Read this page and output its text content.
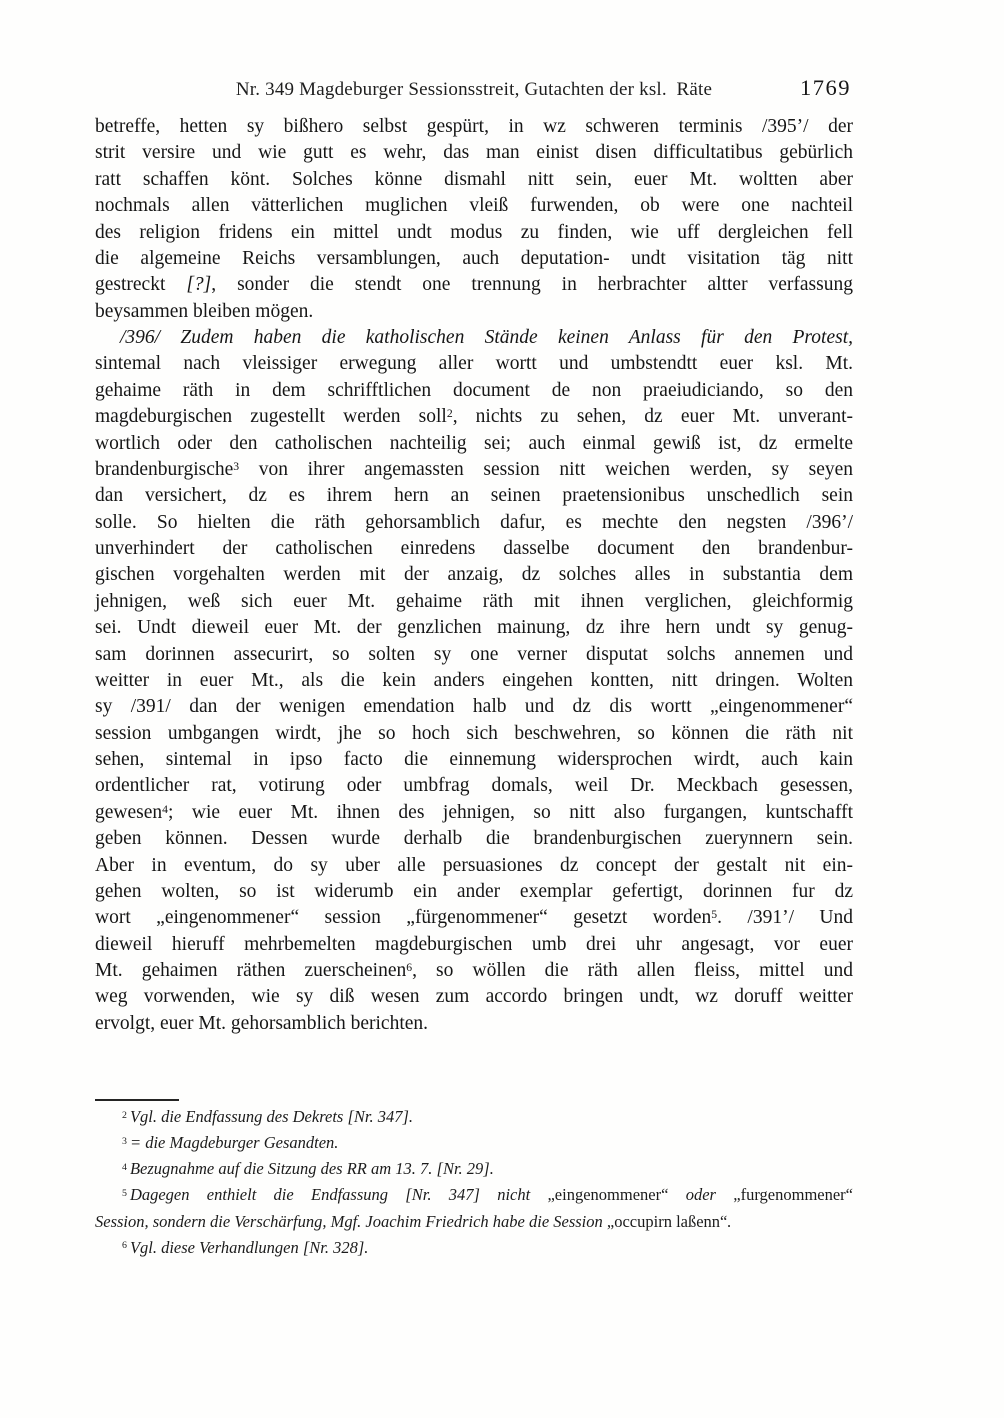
Nr. 349 Magdeburger Sessionsstreit, Gutachten der ksl. Räte	1769
betreffe, hetten sy bißhero selbst gespürt, in wz schweren terminis /395’/ der
strit versire und wie gutt es wehr, das man einist disen difficultatibus gebürlich
ratt schaffen könt. Solches könne dismahl nitt sein, euer Mt. woltten aber
nochmals allen vätterlichen muglichen vleiß furwenden, ob were one nachteil
des religion fridens ein mittel undt modus zu finden, wie uff dergleichen fell
die algemeine Reichs versamblungen, auch deputation- undt visitation täg nitt
gestreckt [?], sonder die stendt one trennung in herbrachter altter verfassung
beysammen bleiben mögen.
/396/ Zudem haben die katholischen Stände keinen Anlass für den Protest,
sintemal nach vleissiger erwegung aller wortt und umbstendtt euer ksl. Mt.
gehaime räth in dem schrifftlichen document de non praeiudiciando, so den
magdeburgischen zugestellt werden soll$^2$, nichts zu sehen, dz euer Mt. unverant-
wortlich oder den catholischen nachteilig sei; auch einmal gewiß ist, dz ermelte
brandenburgische$^3$ von ihrer angemassten session nitt weichen werden, sy seyen
dan versichert, dz es ihrem hern an seinen praetensionibus unschedlich sein
solle. So hielten die räth gehorsamblich dafur, es mechte den negsten /396’/
unverhindert der catholischen einredens dasselbe document den brandenbur-
gischen vorgehalten werden mit der anzaig, dz solches alles in substantia dem
jehnigen, weß sich euer Mt. gehaime räth mit ihnen verglichen, gleichformig
sei. Undt dieweil euer Mt. der genzlichen mainung, dz ihre hern undt sy genug-
sam dorinnen assecurirt, so solten sy one verner disputat solchs annemen und
weitter in euer Mt., als die kein anders eingehen kontten, nitt dringen. Wolten
sy /391/ dan der wenigen emendation halb und dz dis wortt „eingenommener“
session umbgangen wirdt, jhe so hoch sich beschwehren, so können die räth nit
sehen, sintemal in ipso facto die einnemung widersprochen wirdt, auch kain
ordentlicher rat, votirung oder umbfrag domals, weil Dr. Meckbach gesessen,
gewesen$^4$; wie euer Mt. ihnen des jehnigen, so nitt also furgangen, kuntschafft
geben können. Dessen wurde derhalb die brandenburgischen zuerynnern sein.
Aber in eventum, do sy uber alle persuasiones dz concept der gestalt nit ein-
gehen wolten, so ist widerumb ein ander exemplar gefertigt, dorinnen fur dz
wort „eingenommener“ session „fürgenommener“ gesetzt worden$^5$. /391’/ Und
dieweil hieruff mehrbemelten magdeburgischen umb drei uhr angesagt, vor euer
Mt. gehaimen räthen zuerscheinen$^6$, so wöllen die räth allen fleiss, mittel und
weg vorwenden, wie sy diß wesen zum accordo bringen undt, wz doruff weitter
ervolgt, euer Mt. gehorsamblich berichten.
$^2$ Vgl. die Endfassung des Dekrets [Nr. 347].
$^3$ = die Magdeburger Gesandten.
$^4$ Bezugnahme auf die Sitzung des RR am 13. 7. [Nr. 29].
$^5$ Dagegen enthielt die Endfassung [Nr. 347] nicht „eingenommener“ oder „furgenommener“
Session, sondern die Verschärfung, Mgf. Joachim Friedrich habe die Session „occupirn laßenn“.
$^6$ Vgl. diese Verhandlungen [Nr. 328].
